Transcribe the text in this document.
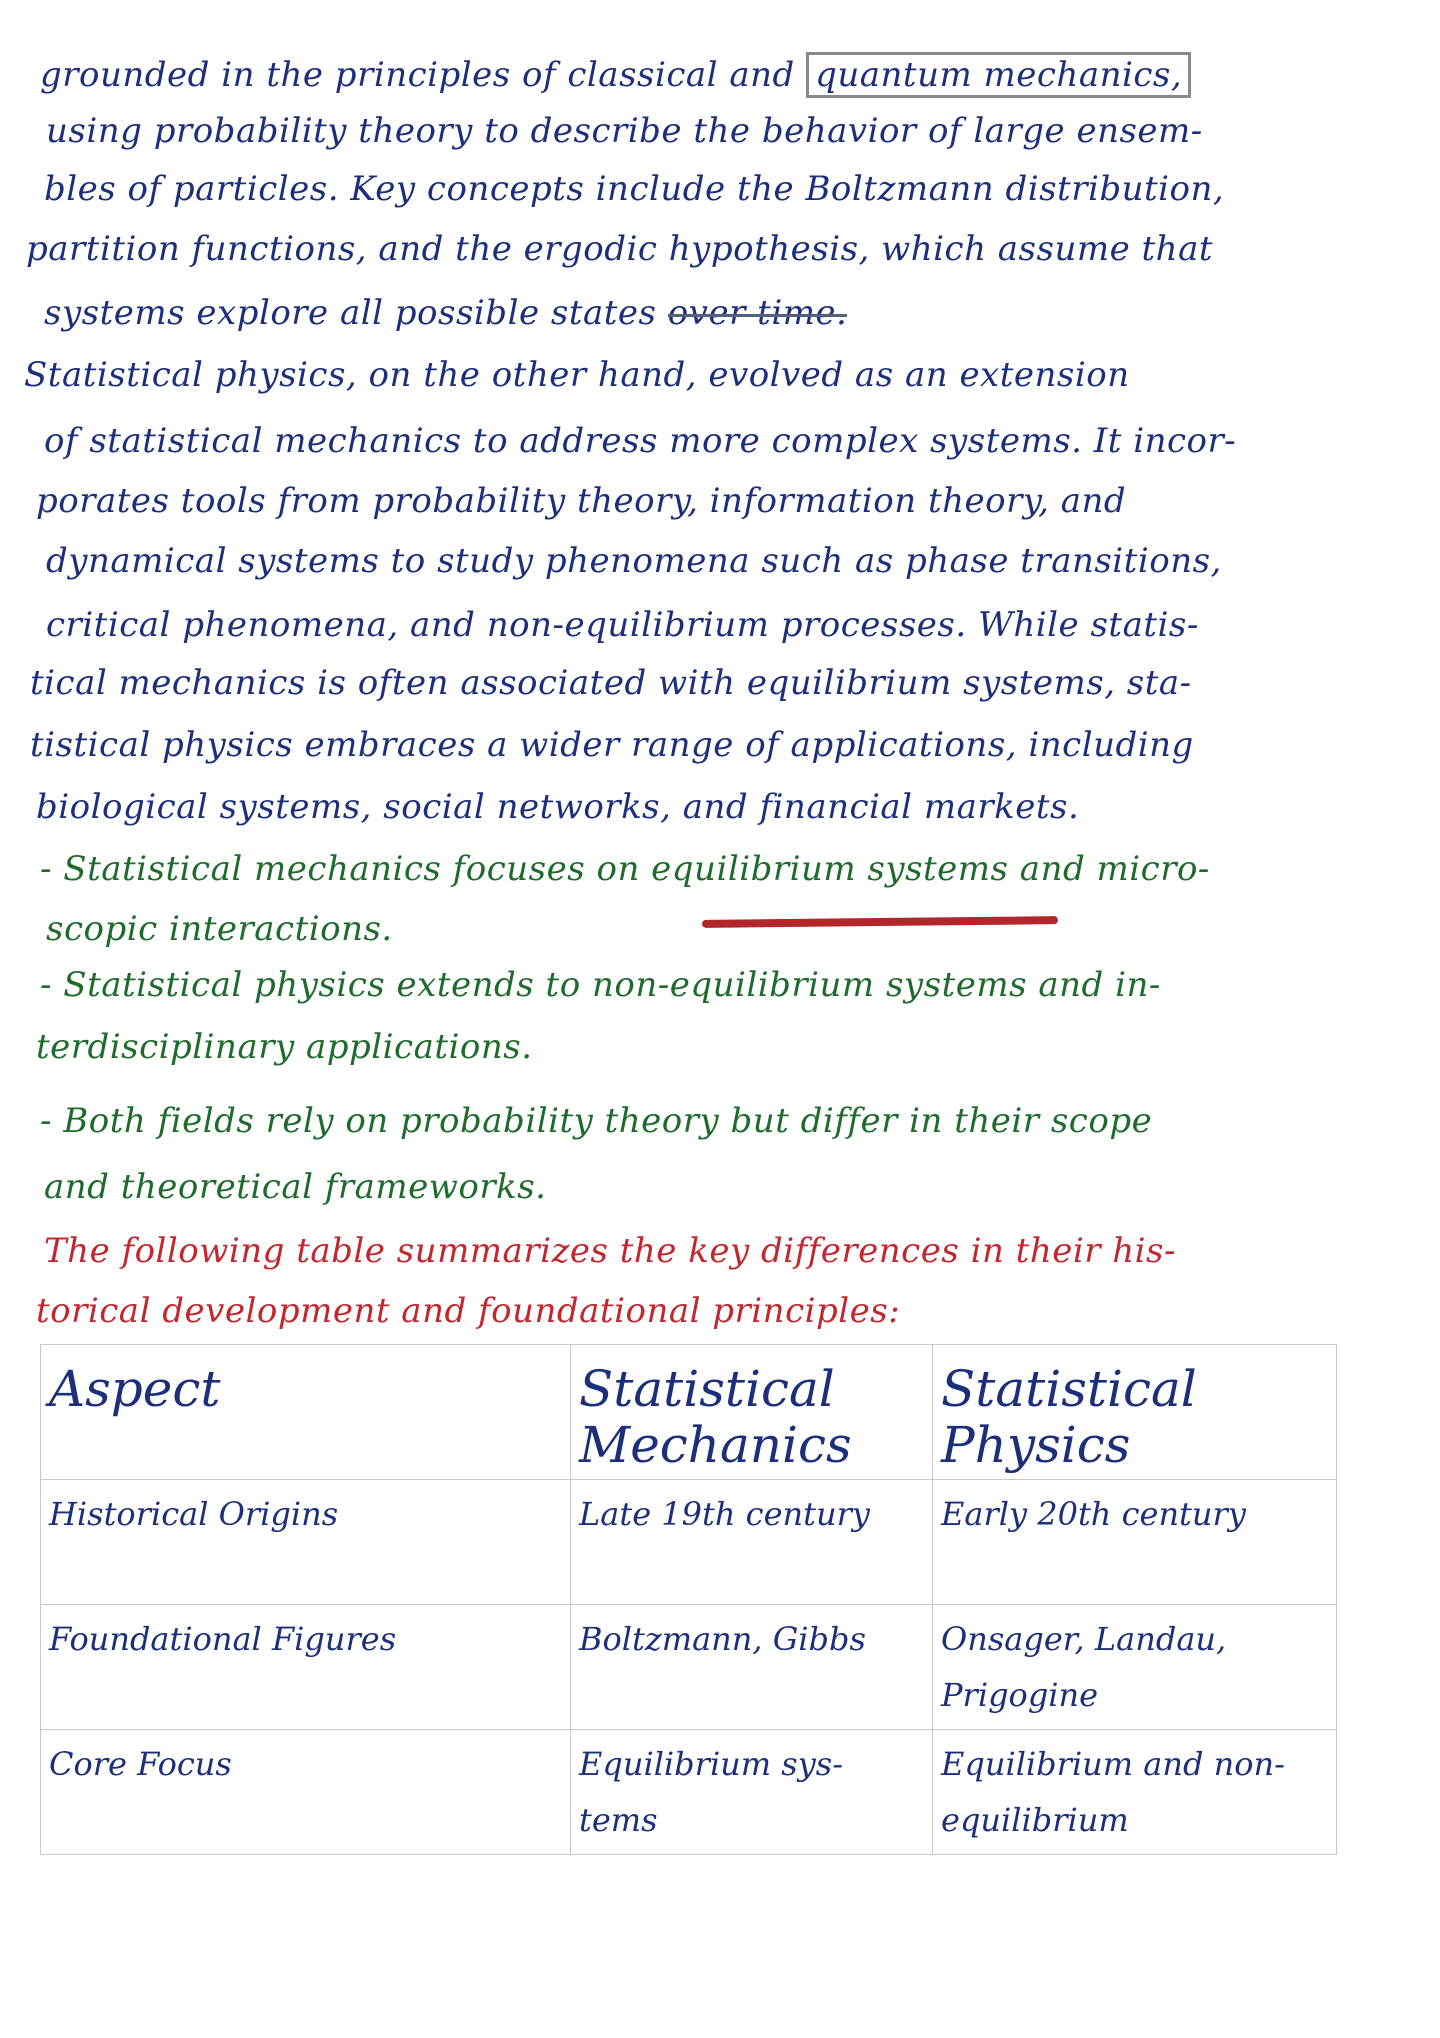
grounded in the principles of classical and quantum mechanics,
using probability theory to describe the behavior of large ensem-
bles of particles. Key concepts include the Boltzmann distribution,
partition functions, and the ergodic hypothesis, which assume that
systems explore all possible states over time.
Statistical physics, on the other hand, evolved as an extension
of statistical mechanics to address more complex systems. It incor-
porates tools from probability theory, information theory, and
dynamical systems to study phenomena such as phase transitions,
critical phenomena, and non-equilibrium processes. While statis-
tical mechanics is often associated with equilibrium systems, sta-
tistical physics embraces a wider range of applications, including
biological systems, social networks, and financial markets.
- Statistical mechanics focuses on equilibrium systems and micro-
scopic interactions.
- Statistical physics extends to non-equilibrium systems and in-
terdisciplinary applications.
- Both fields rely on probability theory but differ in their scope
and theoretical frameworks.
The following table summarizes the key differences in their his-
torical development and foundational principles:
Aspect	Statistical Mechanics	Statistical Physics
Historical Origins	Late 19th century	Early 20th century
Foundational Figures	Boltzmann, Gibbs	Onsager, Landau, Prigogine
Core Focus	Equilibrium sys- tems	Equilibrium and non-equilibrium
